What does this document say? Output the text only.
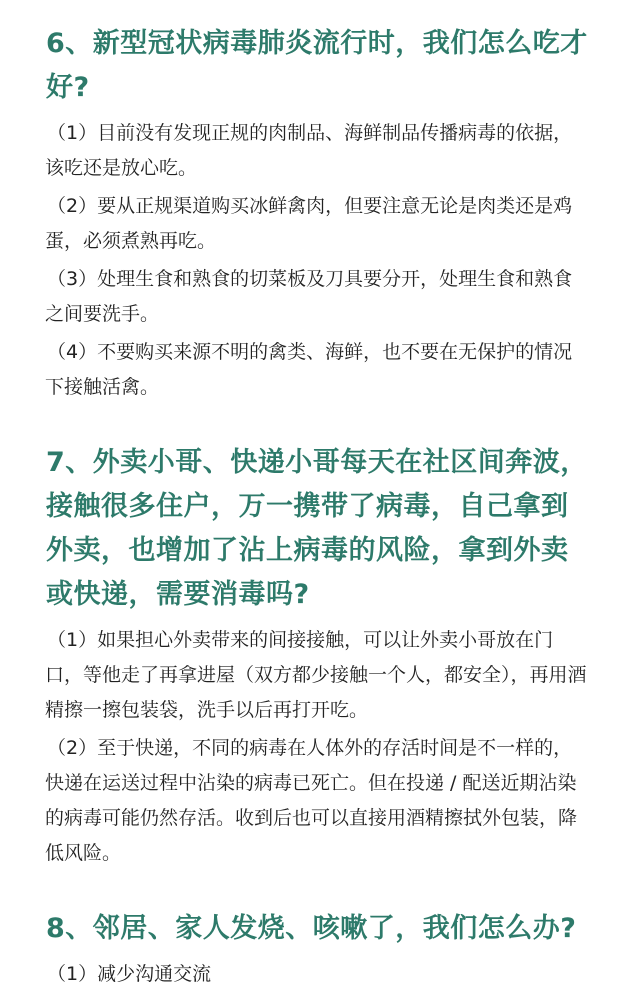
6、新型冠状病毒肺炎流行时，我们怎么吃才好?
（1）目前没有发现正规的肉制品、海鲜制品传播病毒的依据，该吃还是放心吃。
（2）要从正规渠道购买冰鲜禽肉，但要注意无论是肉类还是鸡蛋，必须煮熟再吃。
（3）处理生食和熟食的切菜板及刀具要分开，处理生食和熟食之间要洗手。
（4）不要购买来源不明的禽类、海鲜，也不要在无保护的情况下接触活禽。
7、外卖小哥、快递小哥每天在社区间奔波，接触很多住户，万一携带了病毒，自己拿到外卖，也增加了沾上病毒的风险，拿到外卖或快递，需要消毒吗?
（1）如果担心外卖带来的间接接触，可以让外卖小哥放在门口，等他走了再拿进屋（双方都少接触一个人，都安全），再用酒精擦一擦包装袋，洗手以后再打开吃。
（2）至于快递，不同的病毒在人体外的存活时间是不一样的，快递在运送过程中沾染的病毒已死亡。但在投递 / 配送近期沾染的病毒可能仍然存活。收到后也可以直接用酒精擦拭外包装，降低风险。
8、邻居、家人发烧、咳嗽了，我们怎么办?
（1）减少沟通交流
